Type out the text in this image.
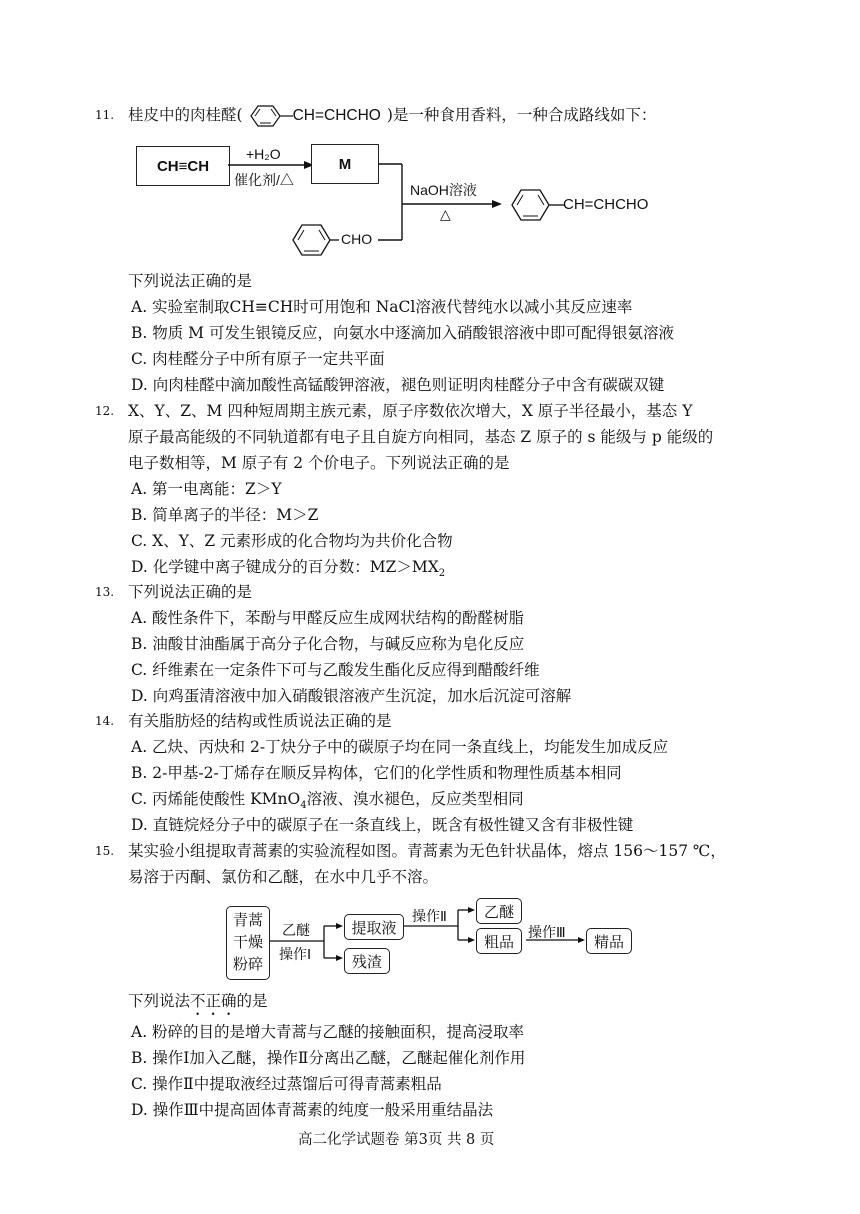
11. 桂皮中的肉桂醛(	CH=CHCHO )是一种食用香料，一种合成路线如下：
CH≡CH
+H₂O
催化剂/△
M
NaOH溶液
△
CHO
CH=CHCHO
下列说法正确的是
A. 实验室制取CH≡CH时可用饱和 NaCl溶液代替纯水以减小其反应速率
B. 物质 M 可发生银镜反应，向氨水中逐滴加入硝酸银溶液中即可配得银氨溶液
C. 肉桂醛分子中所有原子一定共平面
D. 向肉桂醛中滴加酸性高锰酸钾溶液，褪色则证明肉桂醛分子中含有碳碳双键
12. X、Y、Z、M 四种短周期主族元素，原子序数依次增大，X 原子半径最小，基态 Y
原子最高能级的不同轨道都有电子且自旋方向相同，基态 Z 原子的 s 能级与 p 能级的
电子数相等，M 原子有 2 个价电子。下列说法正确的是
A. 第一电离能：Z＞Y
B. 简单离子的半径：M＞Z
C. X、Y、Z 元素形成的化合物均为共价化合物
D. 化学键中离子键成分的百分数：$MZ>MX_2$
13. 下列说法正确的是
A. 酸性条件下，苯酚与甲醛反应生成网状结构的酚醛树脂
B. 油酸甘油酯属于高分子化合物，与碱反应称为皂化反应
C. 纤维素在一定条件下可与乙酸发生酯化反应得到醋酸纤维
D. 向鸡蛋清溶液中加入硝酸银溶液产生沉淀，加水后沉淀可溶解
14. 有关脂肪烃的结构或性质说法正确的是
A. 乙炔、丙炔和 2-丁炔分子中的碳原子均在同一条直线上，均能发生加成反应
B. 2-甲基-2-丁烯存在顺反异构体，它们的化学性质和物理性质基本相同
C. 丙烯能使酸性 KMnO$_4$溶液、溴水褪色，反应类型相同
D. 直链烷烃分子中的碳原子在一条直线上，既含有极性键又含有非极性键
15. 某实验小组提取青蒿素的实验流程如图。青蒿素为无色针状晶体，熔点 156～157 ℃，
易溶于丙酮、氯仿和乙醚，在水中几乎不溶。
青蒿
干燥
粉碎
乙醚
操作Ⅰ
提取液
残渣
操作Ⅱ 乙醚
粗品
操作Ⅲ
精品
下列说法不正确的是
A. 粉碎的目的是增大青蒿与乙醚的接触面积，提高浸取率
B. 操作Ⅰ加入乙醚，操作Ⅱ分离出乙醚，乙醚起催化剂作用
C. 操作Ⅱ中提取液经过蒸馏后可得青蒿素粗品
D. 操作Ⅲ中提高固体青蒿素的纯度一般采用重结晶法
高二化学试题卷 第3页 共 8 页
